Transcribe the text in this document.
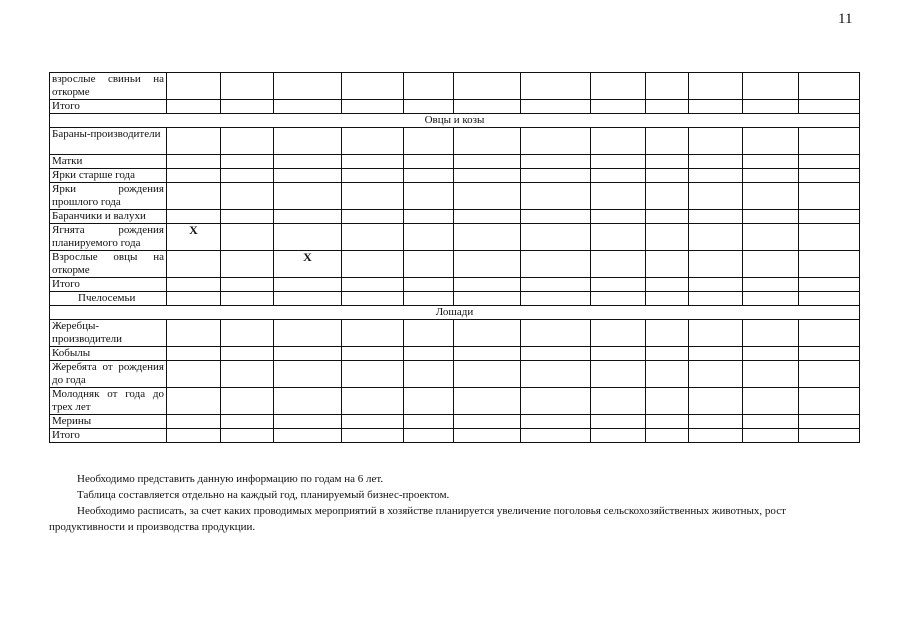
11
взрослые свиньи на откорме												
Итого												
Овцы и козы												
Бараны-производители												
Матки												
Ярки старше года												
Ярки рождения прошлого года												
Баранчики и валухи												
Ягнята рождения планируемого года	X											
Взрослые овцы на откорме			X									
Итого												
Пчелосемьи												
Лошади												
Жеребцы-производители												
Кобылы												
Жеребята от рождения до года												
Молодняк от года до трех лет												
Мерины												
Итого												

Необходимо представить данную информацию по годам на 6 лет.

Таблица составляется отдельно на каждый год, планируемый бизнес-проектом.

Необходимо расписать, за счет каких проводимых мероприятий в хозяйстве планируется увеличение поголовья сельскохозяйственных животных, рост продуктивности и производства продукции.
